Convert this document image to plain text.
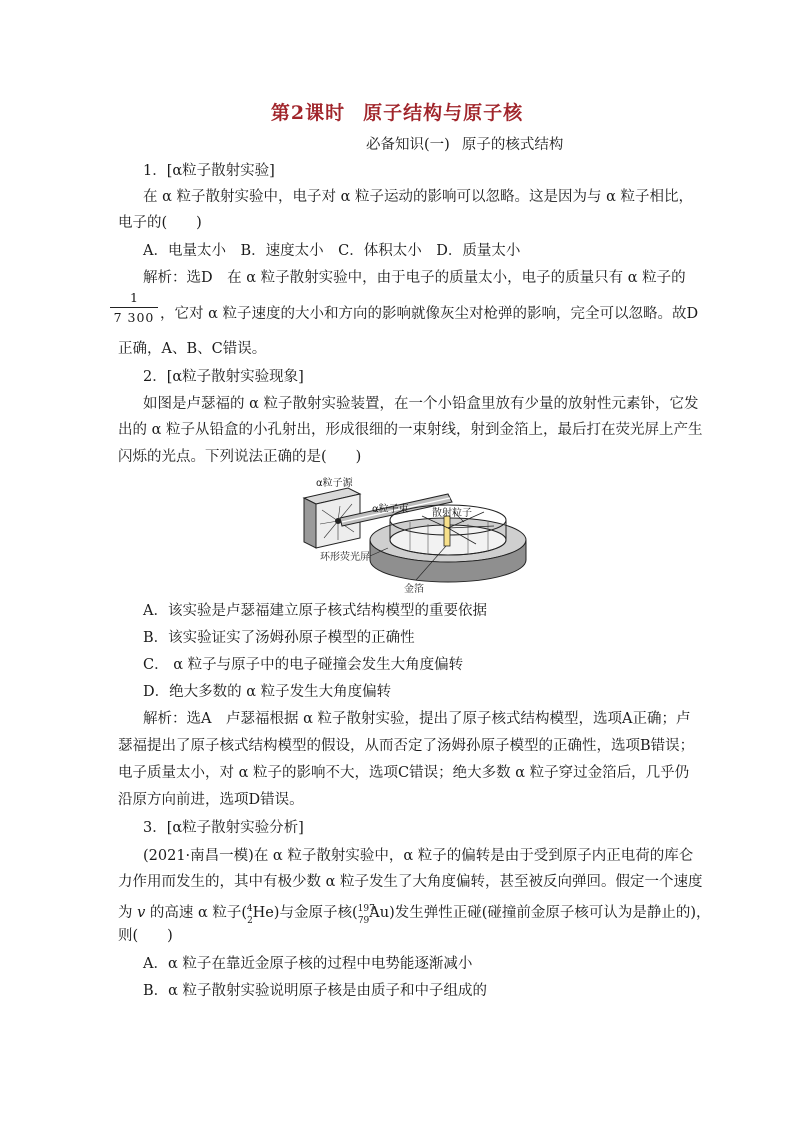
第2课时 原子结构与原子核
必备知识(一) 原子的核式结构
1．[α粒子散射实验]
在 α 粒子散射实验中，电子对 α 粒子运动的影响可以忽略。这是因为与 α 粒子相比，
电子的(　　)
A．电量太小　B．速度太小　C．体积太小　D．质量太小
解析：选D　在 α 粒子散射实验中，由于电子的质量太小，电子的质量只有 α 粒子的
1
7 300 ，它对 α 粒子速度的大小和方向的影响就像灰尘对枪弹的影响，完全可以忽略。故D
正确，A、B、C错误。
2．[α粒子散射实验现象]
如图是卢瑟福的 α 粒子散射实验装置，在一个小铅盒里放有少量的放射性元素钋，它发
出的 α 粒子从铅盒的小孔射出，形成很细的一束射线，射到金箔上，最后打在荧光屏上产生
闪烁的光点。下列说法正确的是(　　)
α粒子源
α粒子束 散射粒子
环形荧光屏
金箔
A．该实验是卢瑟福建立原子核式结构模型的重要依据
B．该实验证实了汤姆孙原子模型的正确性
C． α 粒子与原子中的电子碰撞会发生大角度偏转
D．绝大多数的 α 粒子发生大角度偏转
解析：选A　卢瑟福根据 α 粒子散射实验，提出了原子核式结构模型，选项A正确；卢
瑟福提出了原子核式结构模型的假设，从而否定了汤姆孙原子模型的正确性，选项B错误；
电子质量太小，对 α 粒子的影响不大，选项C错误；绝大多数 α 粒子穿过金箔后，几乎仍
沿原方向前进，选项D错误。
3．[α粒子散射实验分析]
(2021·南昌一模)在 α 粒子散射实验中，α 粒子的偏转是由于受到原子内正电荷的库仑
力作用而发生的，其中有极少数 α 粒子发生了大角度偏转，甚至被反向弹回。假定一个速度
为 v 的高速 α 粒子$(_2^4He)$与金原子核($^{197}_{79}$Au)发生弹性正碰(碰撞前金原子核可认为是静止的)，
则(　　)
A．α 粒子在靠近金原子核的过程中电势能逐渐减小
B．α 粒子散射实验说明原子核是由质子和中子组成的
